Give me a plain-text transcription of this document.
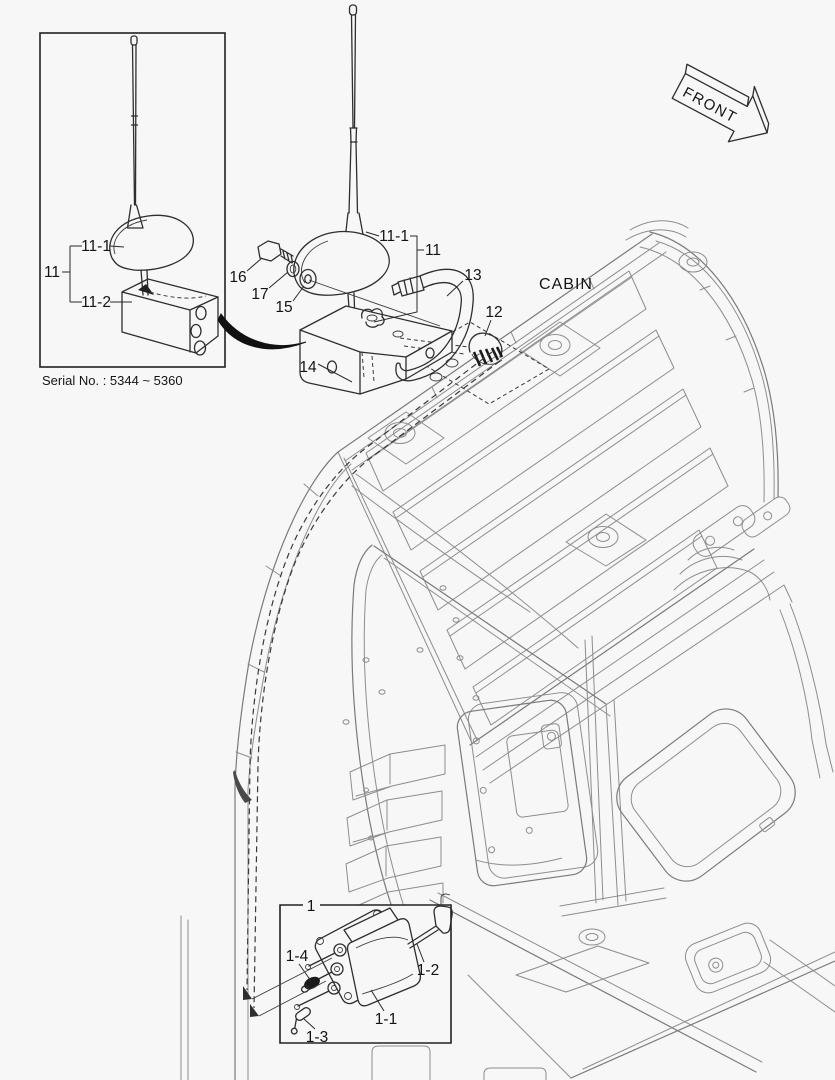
FRONT
CABIN
11-1
11
11-2
Serial No. : 5344 ~ 5360
16
17
15
14
11-1
11
13
12
1
1-4
1-2
1-1
1-3
